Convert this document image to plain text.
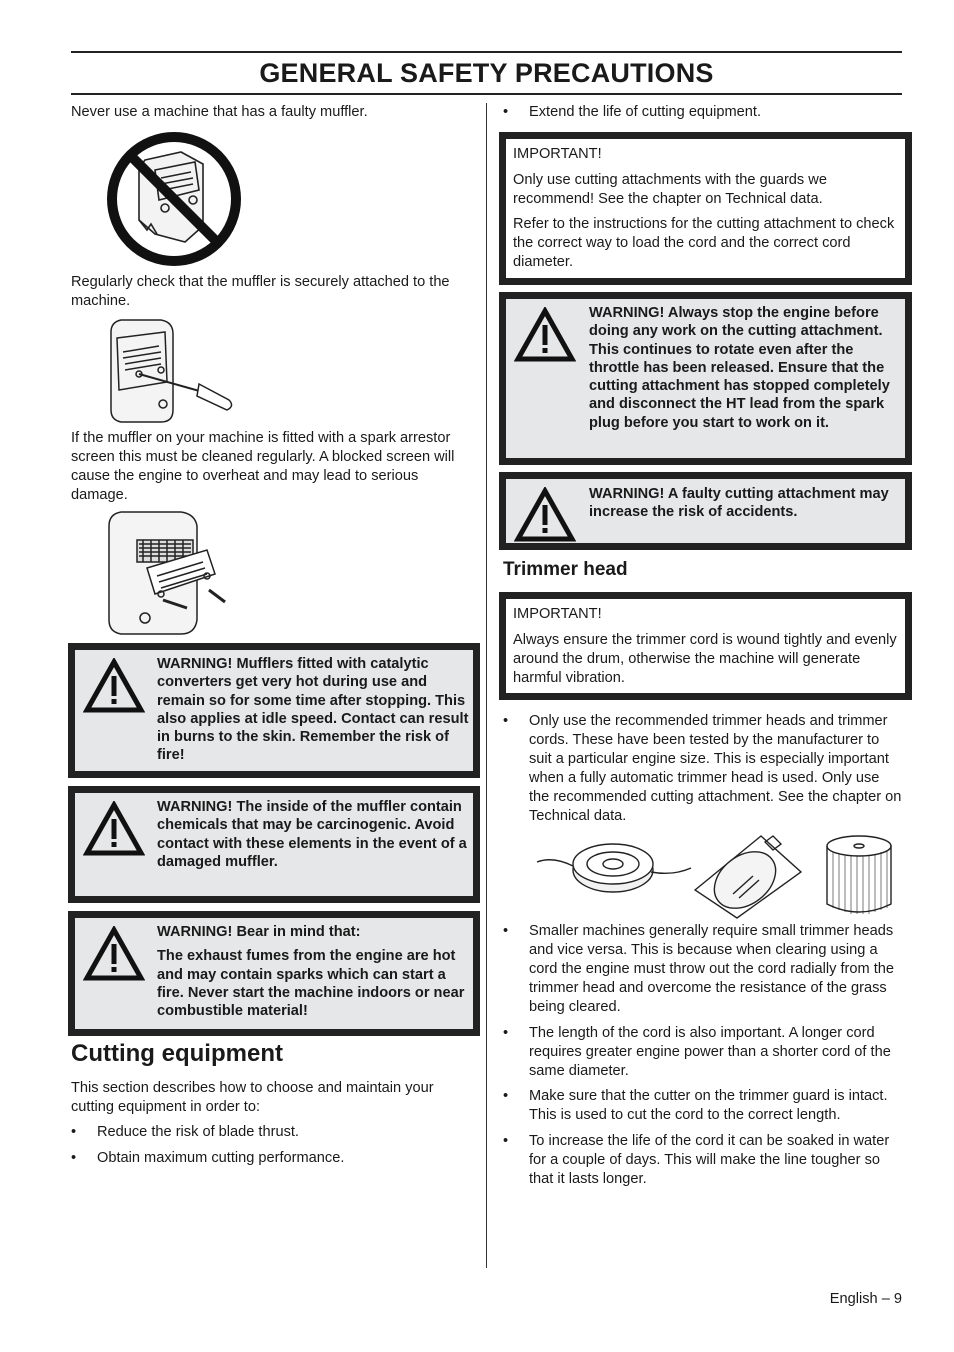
GENERAL SAFETY PRECAUTIONS

Never use a machine that has a faulty muffler.

Regularly check that the muffler is securely attached to the machine.

If the muffler on your machine is fitted with a spark arrestor screen this must be cleaned regularly. A blocked screen will cause the engine to overheat and may lead to serious damage.

WARNING! Mufflers fitted with catalytic converters get very hot during use and remain so for some time after stopping. This also applies at idle speed. Contact can result in burns to the skin. Remember the risk of fire!
WARNING! The inside of the muffler contain chemicals that may be carcinogenic. Avoid contact with these elements in the event of a damaged muffler.

WARNING! Bear in mind that:

The exhaust fumes from the engine are hot and may contain sparks which can start a fire. Never start the machine indoors or near combustible material!

Cutting equipment

This section describes how to choose and maintain your cutting equipment in order to:

• Reduce the risk of blade thrust.
• Obtain maximum cutting performance.
• Extend the life of cutting equipment.

IMPORTANT!

Only use cutting attachments with the guards we recommend! See the chapter on Technical data.

Refer to the instructions for the cutting attachment to check the correct way to load the cord and the correct cord diameter.

WARNING! Always stop the engine before doing any work on the cutting attachment. This continues to rotate even after the throttle has been released. Ensure that the cutting attachment has stopped completely and disconnect the HT lead from the spark plug before you start to work on it.
WARNING! A faulty cutting attachment may increase the risk of accidents.
Trimmer head

IMPORTANT!

Always ensure the trimmer cord is wound tightly and evenly around the drum, otherwise the machine will generate harmful vibration.

• Only use the recommended trimmer heads and trimmer cords. These have been tested by the manufacturer to suit a particular engine size. This is especially important when a fully automatic trimmer head is used. Only use the recommended cutting attachment. See the chapter on Technical data.
• Smaller machines generally require small trimmer heads and vice versa. This is because when clearing using a cord the engine must throw out the cord radially from the trimmer head and overcome the resistance of the grass being cleared.
• The length of the cord is also important. A longer cord requires greater engine power than a shorter cord of the same diameter.
• Make sure that the cutter on the trimmer guard is intact. This is used to cut the cord to the correct length.
• To increase the life of the cord it can be soaked in water for a couple of days. This will make the line tougher so that it lasts longer.
English – 9
